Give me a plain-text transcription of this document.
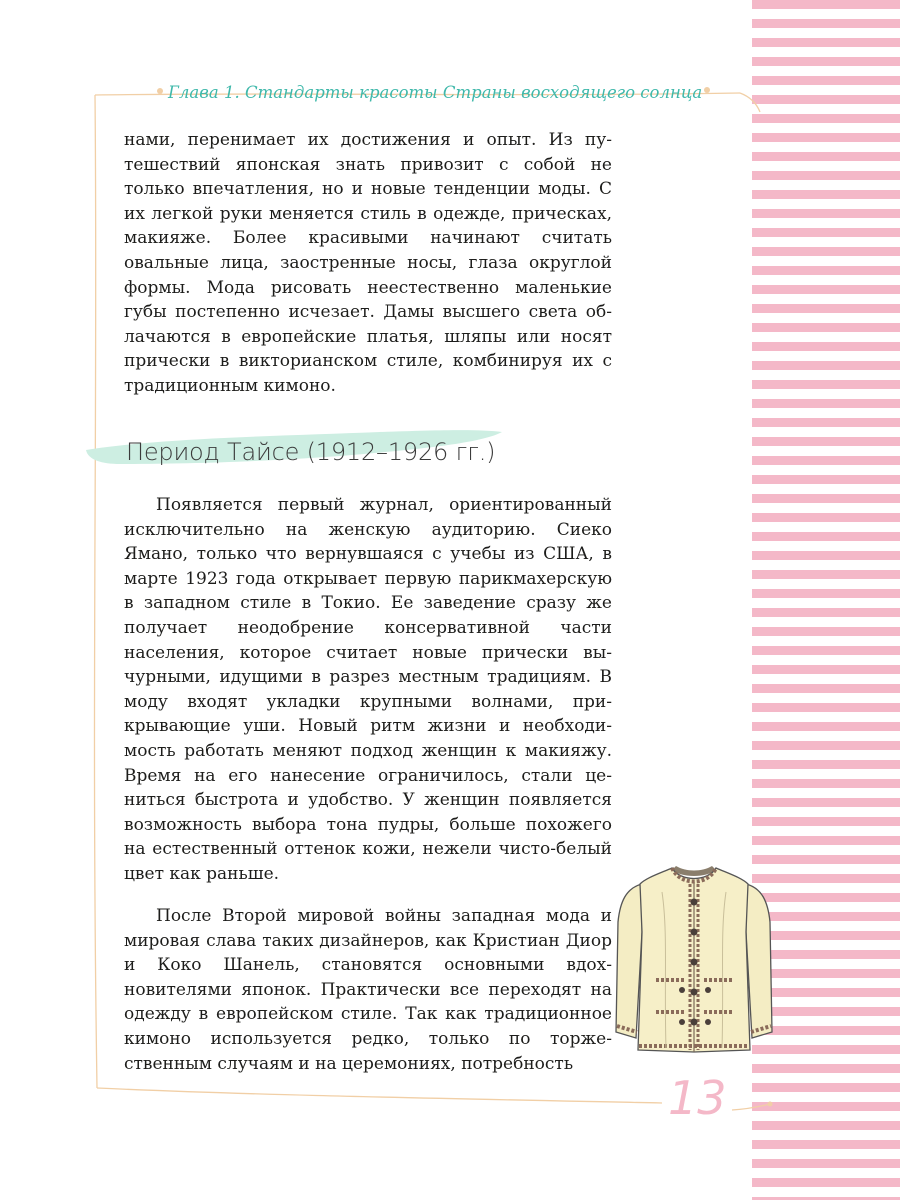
Глава 1. Стандарты красоты Страны восходящего солнца

нами, перенимает их достижения и опыт. Из путешествий японская знать привозит с собой не только впечатления, но и новые тенденции моды. С их легкой руки меняется стиль в одежде, прическах, макияже. Более красивыми начинают считать овальные лица, заостренные носы, глаза округлой формы. Мода рисовать неестественно маленькие губы постепенно исчезает. Дамы высшего света облачаются в европейские платья, шляпы или носят прически в викторианском стиле, комбинируя их с традиционным кимоно.

Период Тайсе (1912–1926 гг.)

Появляется первый журнал, ориентированный исключительно на женскую аудиторию. Сиеко Ямано, только что вернувшаяся с учебы из США, в марте 1923 года открывает первую парикмахерскую в западном стиле в Токио. Ее заведение сразу же получает неодобрение консервативной части населения, которое считает новые прически вычурными, идущими в разрез местным традициям. В моду входят укладки крупными волнами, прикрывающие уши. Новый ритм жизни и необходимость работать меняют подход женщин к макияжу. Время на его нанесение ограничилось, стали цениться быстрота и удобство. У женщин появляется возможность выбора тона пудры, больше похожего на естественный оттенок кожи, нежели чисто-белый цвет как раньше.

После Второй мировой войны западная мода и мировая слава таких дизайнеров, как Кристиан Диор и Коко Шанель, становятся основными вдохновителями японок. Практически все переходят на одежду в европейском стиле. Так как традиционное кимоно используется редко, только по торжественным случаям и на церемониях, потребность

13
